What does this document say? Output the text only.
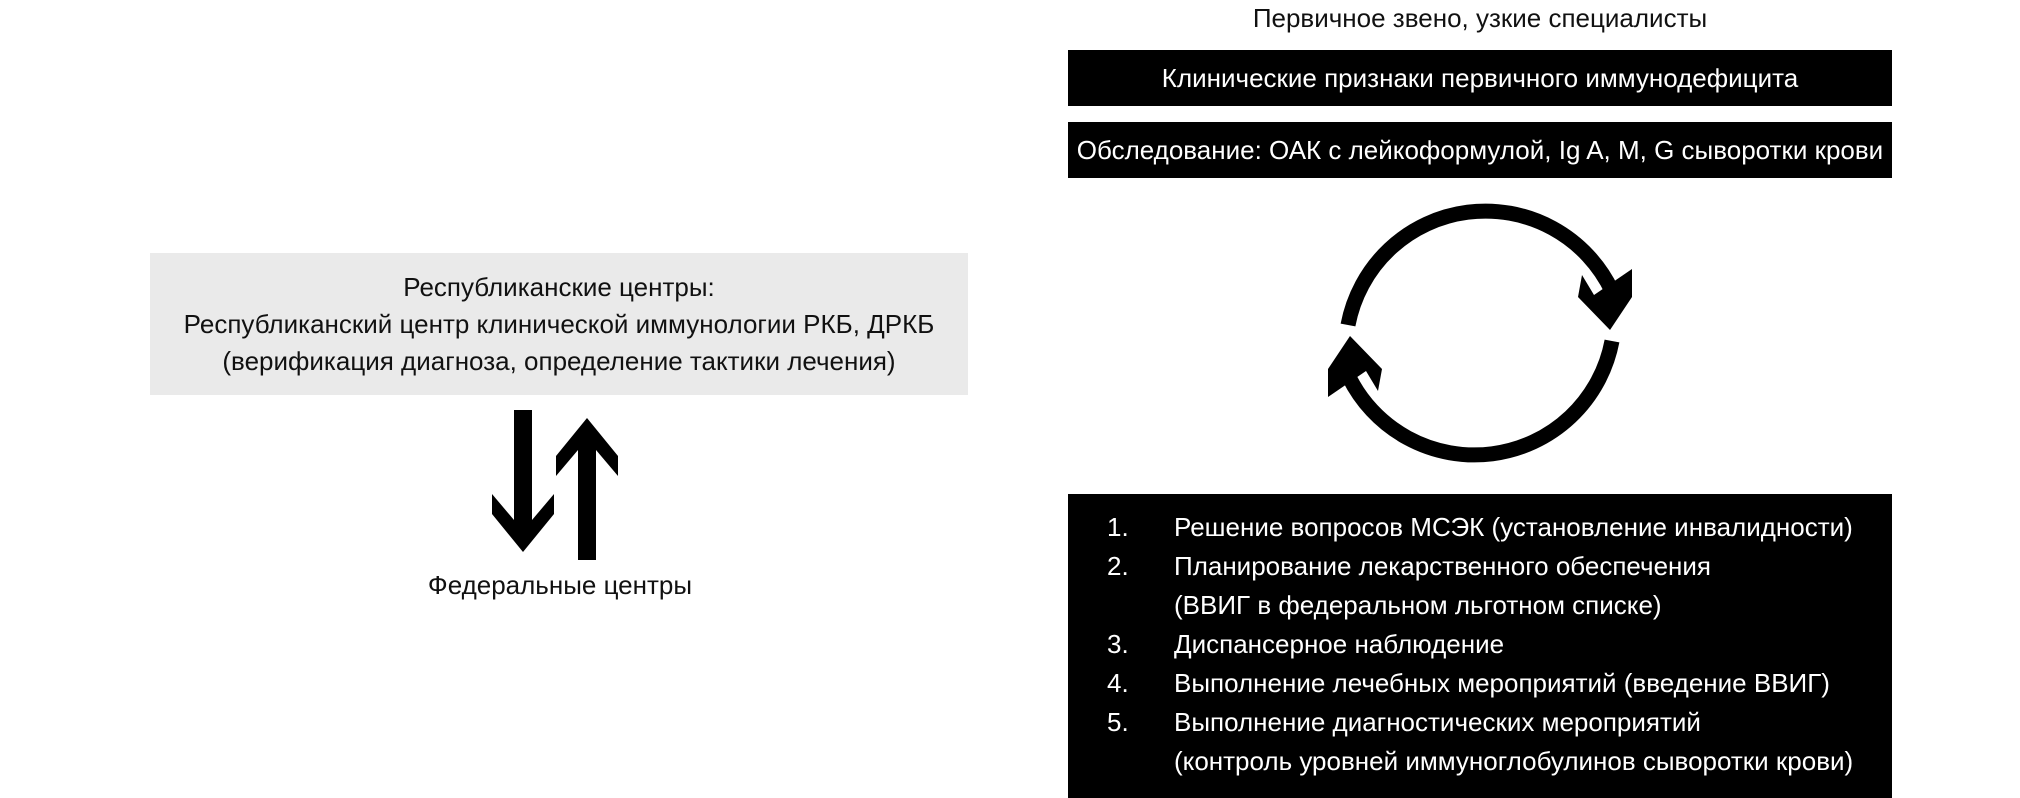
Республиканские центры:
Республиканский центр клинической иммунологии РКБ, ДРКБ
(верификация диагноза, определение тактики лечения)
Федеральные центры
Первичное звено, узкие специалисты
Клинические признаки первичного иммунодефицита
Обследование: ОАК с лейкоформулой, Ig A, M, G сыворотки крови
1. Решение вопросов МСЭК (установление инвалидности)
2. Планирование лекарственного обеспечения
(ВВИГ в федеральном льготном списке)
3. Диспансерное наблюдение
4. Выполнение лечебных мероприятий (введение ВВИГ)
5. Выполнение диагностических мероприятий
(контроль уровней иммуноглобулинов сыворотки крови)
